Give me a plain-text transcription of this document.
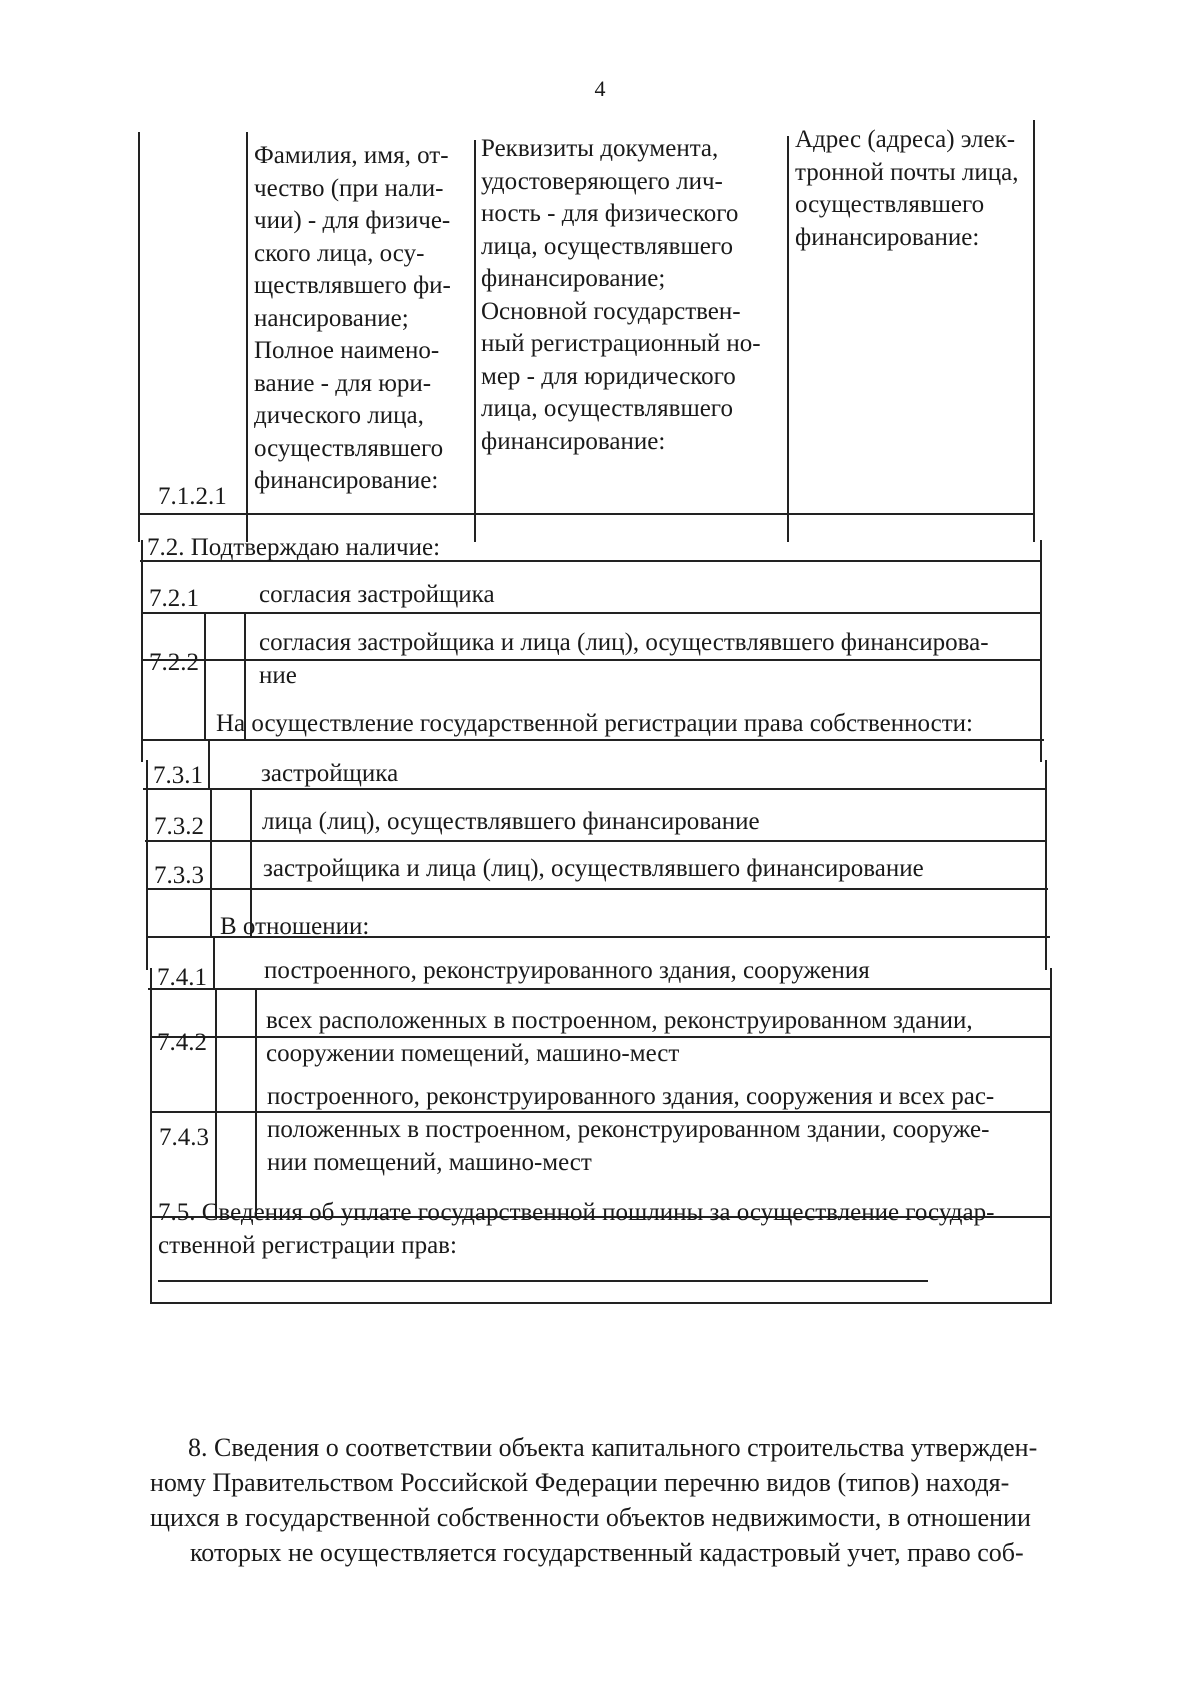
4
Фамилия, имя, от-
чество (при нали-
чии) - для физиче-
ского лица, осу-
ществлявшего фи-
нансирование;
Полное наимено-
вание - для юри-
дического лица,
осуществлявшего
финансирование:
Реквизиты документа,
удостоверяющего лич-
ность - для физического
лица, осуществлявшего
финансирование;
Основной государствен-
ный регистрационный но-
мер - для юридического
лица, осуществлявшего
финансирование:
Адрес (адреса) элек-
тронной почты лица,
осуществлявшего
финансирование:
7.1.2.1
7.2. Подтверждаю наличие:
7.2.1 согласия застройщика
7.2.2
согласия застройщика и лица (лиц), осуществлявшего финансирова-
ние
На осуществление государственной регистрации права собственности:
7.3.1 застройщика
7.3.2 лица (лиц), осуществлявшего финансирование
7.3.3 застройщика и лица (лиц), осуществлявшего финансирование
В отношении:
7.4.1 построенного, реконструированного здания, сооружения
7.4.2
всех расположенных в построенном, реконструированном здании,
сооружении помещений, машино-мест
7.4.3
построенного, реконструированного здания, сооружения и всех рас-
положенных в построенном, реконструированном здании, сооруже-
нии помещений, машино-мест
7.5. Сведения об уплате государственной пошлины за осуществление государ-
ственной регистрации прав:
8. Сведения о соответствии объекта капитального строительства утвержден-
ному Правительством Российской Федерации перечню видов (типов) находя-
щихся в государственной собственности объектов недвижимости, в отношении
которых не осуществляется государственный кадастровый учет, право соб-
